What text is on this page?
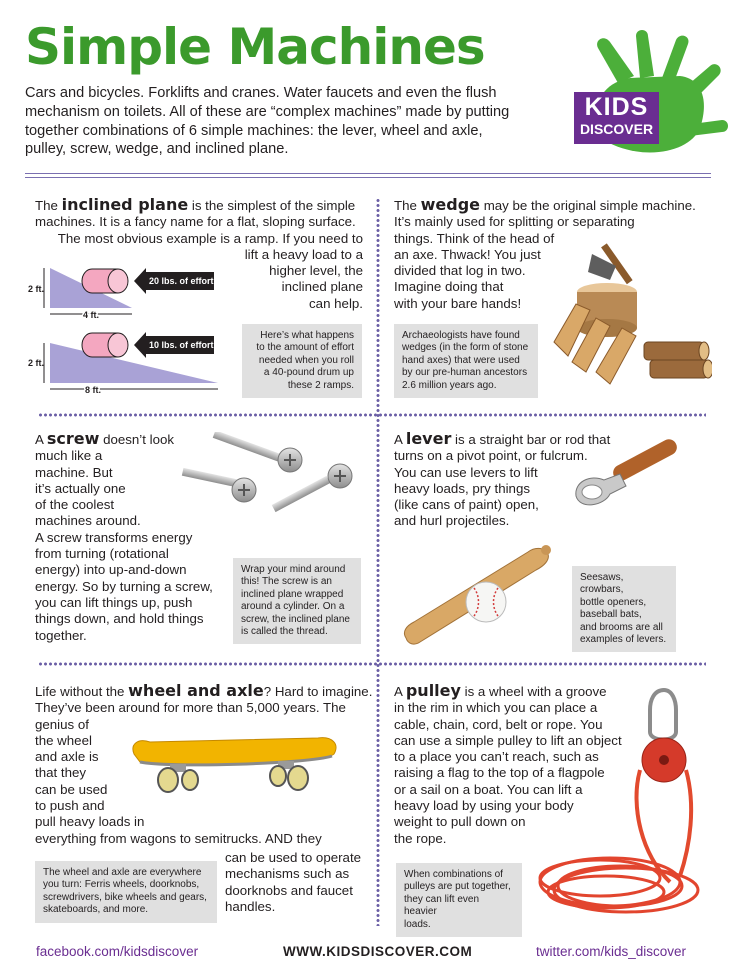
Simple Machines
Cars and bicycles. Forklifts and cranes. Water faucets and even the flush
mechanism on toilets. All of these are “complex machines” made by putting
together combinations of 6 simple machines: the lever, wheel and axle,
pulley, screw, wedge, and inclined plane.
KIDS
DISCOVER
The inclined plane is the simplest of the simple
machines. It is a fancy name for a flat, sloping surface.
The most obvious example is a ramp. If you need to
lift a heavy load to a
higher level, the
inclined plane
can help.
2 ft.
4 ft.
20 lbs. of effort
2 ft.
8 ft.
10 lbs. of effort
Here’s what happens
to the amount of effort
needed when you roll
a 40-pound drum up
these 2 ramps.
The wedge may be the original simple machine.
It’s mainly used for splitting or separating
things. Think of the head of
an axe. Thwack! You just
divided that log in two.
Imagine doing that
with your bare hands!
Archaeologists have found
wedges (in the form of stone
hand axes) that were used
by our pre-human ancestors
2.6 million years ago.
A screw doesn’t look
much like a
machine. But
it’s actually one
of the coolest
machines around.
A screw transforms energy
from turning (rotational
energy) into up-and-down
energy. So by turning a screw,
you can lift things up, push
things down, and hold things
together.
Wrap your mind around
this! The screw is an
inclined plane wrapped
around a cylinder. On a
screw, the inclined plane
is called the thread.
A lever is a straight bar or rod that
turns on a pivot point, or fulcrum.
You can use levers to lift
heavy loads, pry things
(like cans of paint) open,
and hurl projectiles.
Seesaws, crowbars,
bottle openers,
baseball bats,
and brooms are all
examples of levers.
Life without the wheel and axle? Hard to imagine.
They’ve been around for more than 5,000 years. The
genius of
the wheel
and axle is
that they
can be used
to push and
pull heavy loads in
everything from wagons to semitrucks. AND they
can be used to operate
mechanisms such as
doorknobs and faucet
handles.
The wheel and axle are everywhere
you turn: Ferris wheels, doorknobs,
screwdrivers, bike wheels and gears,
skateboards, and more.
A pulley is a wheel with a groove
in the rim in which you can place a
cable, chain, cord, belt or rope. You
can use a simple pulley to lift an object
to a place you can’t reach, such as
raising a flag to the top of a flagpole
or a sail on a boat. You can lift a
heavy load by using your body
weight to pull down on
the rope.
When combinations of
pulleys are put together,
they can lift even heavier
loads.
facebook.com/kidsdiscover	WWW.KIDSDISCOVER.COM	twitter.com/kids_discover
